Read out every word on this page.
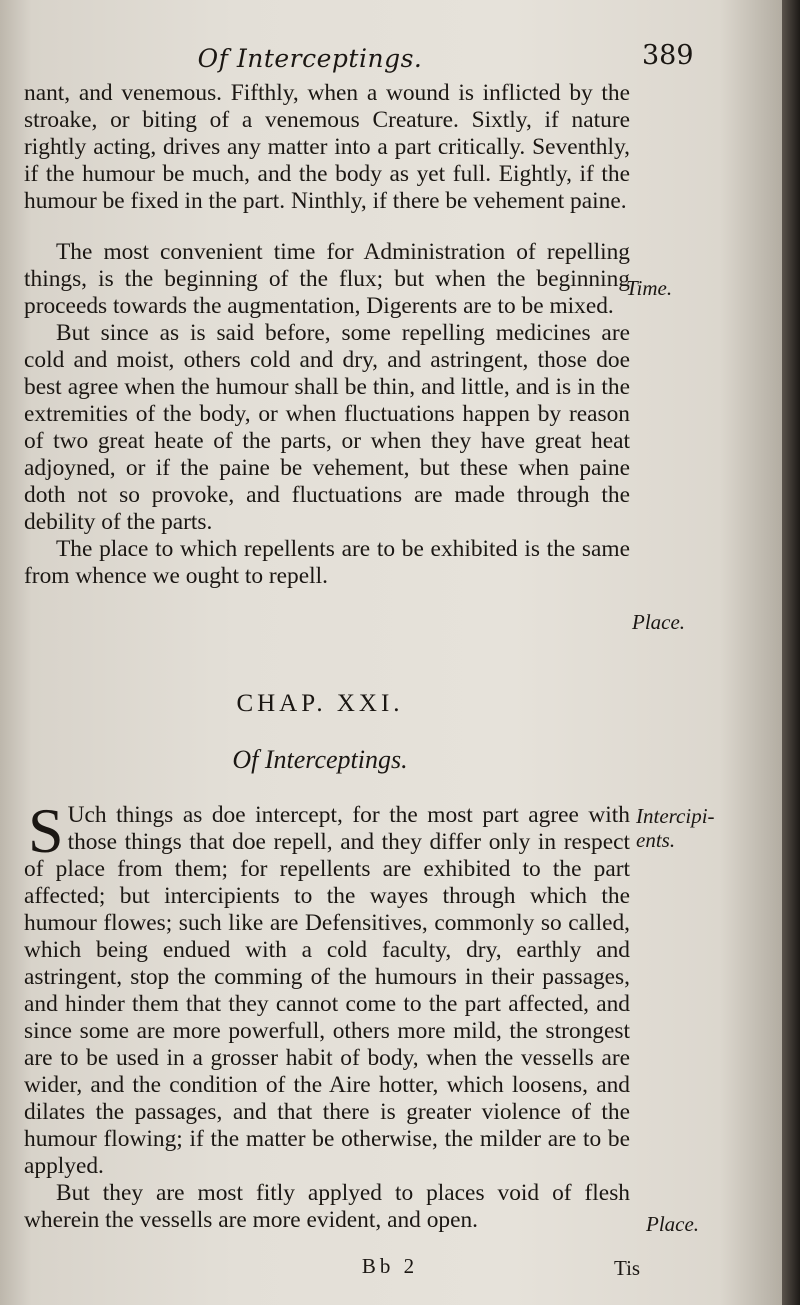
Of Interceptings.	389

nant, and venemous. Fifthly, when a wound is inflicted by the stroake, or biting of a venemous Creature. Sixtly, if nature rightly acting, drives any matter into a part critically. Seventhly, if the humour be much, and the body as yet full. Eightly, if the humour be fixed in the part. Ninthly, if there be vehement paine.

The most convenient time for Administration of repelling things, is the beginning of the flux; but when the beginning proceeds towards the augmentation, Digerents are to be mixed.

But since as is said before, some repelling medicines are cold and moist, others cold and dry, and astringent, those doe best agree when the humour shall be thin, and little, and is in the extremities of the body, or when fluctuations happen by reason of two great heate of the parts, or when they have great heat adjoyned, or if the paine be vehement, but these when paine doth not so provoke, and fluctuations are made through the debility of the parts.

The place to which repellents are to be exhibited is the same from whence we ought to repell.

Time.
Place.
CHAP. XXI.
Of Interceptings.
S Uch things as doe intercept, for the most part agree with those things that doe repell, and they differ only in respect of place from them; for repellents are exhibited to the part affected; but intercipients to the wayes through which the humour flowes; such like are Defensitives, commonly so called, which being endued with a cold faculty, dry, earthly and astringent, stop the comming of the humours in their passages, and hinder them that they cannot come to the part affected, and since some are more powerfull, others more mild, the strongest are to be used in a grosser habit of body, when the vessells are wider, and the condition of the Aire hotter, which loosens, and dilates the passages, and that there is greater violence of the humour flowing; if the matter be otherwise, the milder are to be applyed.

But they are most fitly applyed to places void of flesh wherein the vessells are more evident, and open.

Intercipi-
ents.
Place.
Bb 2	Tis
